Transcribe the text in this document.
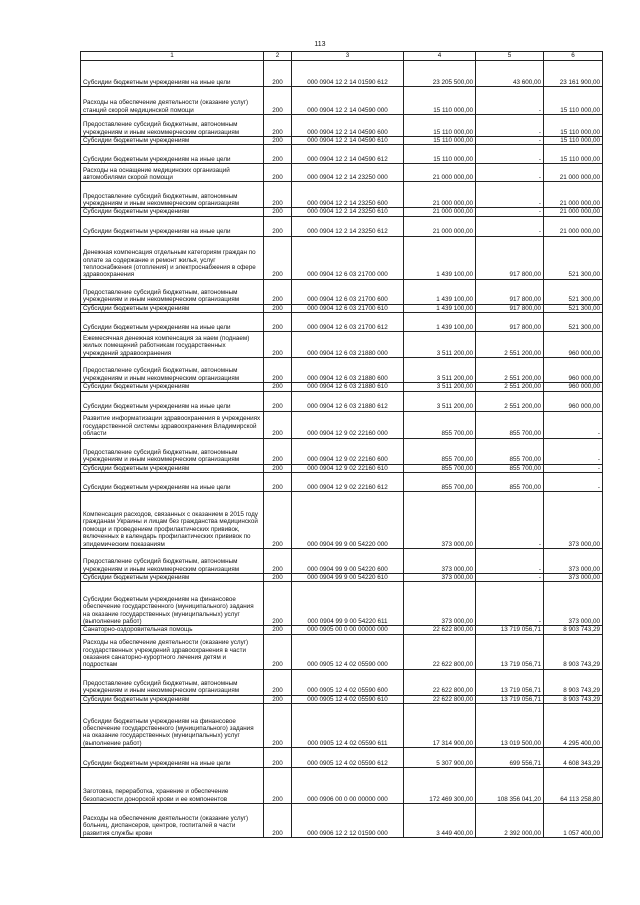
113
1	2	3	4	5	6
Субсидии бюджетным учреждениям на иные цели	200	000 0904 12 2 14 01590 612	23 205 500,00	43 600,00	23 161 900,00
Расходы на обеспечение деятельности (оказание услуг) станций скорой медицинской помощи	200	000 0904 12 2 14 04590 000	15 110 000,00	-	15 110 000,00
Предоставление субсидий бюджетным, автономным учреждениям и иным некоммерческим организациям	200	000 0904 12 2 14 04590 600	15 110 000,00	-	15 110 000,00
Субсидии бюджетным учреждениям	200	000 0904 12 2 14 04590 610	15 110 000,00	-	15 110 000,00
Субсидии бюджетным учреждениям на иные цели	200	000 0904 12 2 14 04590 612	15 110 000,00	-	15 110 000,00
Расходы на оснащение медицинских организаций автомобилями скорой помощи	200	000 0904 12 2 14 23250 000	21 000 000,00	-	21 000 000,00
Предоставление субсидий бюджетным, автономным учреждениям и иным некоммерческим организациям	200	000 0904 12 2 14 23250 600	21 000 000,00	-	21 000 000,00
Субсидии бюджетным учреждениям	200	000 0904 12 2 14 23250 610	21 000 000,00	-	21 000 000,00
Субсидии бюджетным учреждениям на иные цели	200	000 0904 12 2 14 23250 612	21 000 000,00	-	21 000 000,00
Денежная компенсация отдельным категориям граждан по оплате за содержание и ремонт жилья, услуг теплоснабжения (отопления) и электроснабжения в сфере здравоохранения	200	000 0904 12 6 03 21700 000	1 439 100,00	917 800,00	521 300,00
Предоставление субсидий бюджетным, автономным учреждениям и иным некоммерческим организациям	200	000 0904 12 6 03 21700 600	1 439 100,00	917 800,00	521 300,00
Субсидии бюджетным учреждениям	200	000 0904 12 6 03 21700 610	1 439 100,00	917 800,00	521 300,00
Субсидии бюджетным учреждениям на иные цели	200	000 0904 12 6 03 21700 612	1 439 100,00	917 800,00	521 300,00
Ежемесячная денежная компенсация за наем (поднаем) жилых помещений работникам государственных учреждений здравоохранения	200	000 0904 12 6 03 21880 000	3 511 200,00	2 551 200,00	960 000,00
Предоставление субсидий бюджетным, автономным учреждениям и иным некоммерческим организациям	200	000 0904 12 6 03 21880 600	3 511 200,00	2 551 200,00	960 000,00
Субсидии бюджетным учреждениям	200	000 0904 12 6 03 21880 610	3 511 200,00	2 551 200,00	960 000,00
Субсидии бюджетным учреждениям на иные цели	200	000 0904 12 6 03 21880 612	3 511 200,00	2 551 200,00	960 000,00
Развитие информатизации здравоохранения в учреждениях государственной системы здравоохранения Владимирской области	200	000 0904 12 9 02 22160 000	855 700,00	855 700,00	-
Предоставление субсидий бюджетным, автономным учреждениям и иным некоммерческим организациям	200	000 0904 12 9 02 22160 600	855 700,00	855 700,00	-
Субсидии бюджетным учреждениям	200	000 0904 12 9 02 22160 610	855 700,00	855 700,00	-
Субсидии бюджетным учреждениям на иные цели	200	000 0904 12 9 02 22160 612	855 700,00	855 700,00	-
Компенсация расходов, связанных с оказанием в 2015 году гражданам Украины и лицам без гражданства медицинской помощи и проведением профилактических прививок, включенных в календарь профилактических прививок по эпидемическим показаниям	200	000 0904 99 9 00 54220 000	373 000,00	-	373 000,00
Предоставление субсидий бюджетным, автономным учреждениям и иным некоммерческим организациям	200	000 0904 99 9 00 54220 600	373 000,00	-	373 000,00
Субсидии бюджетным учреждениям	200	000 0904 99 9 00 54220 610	373 000,00	-	373 000,00
Субсидии бюджетным учреждениям на финансовое обеспечение государственного (муниципального) задания на оказание государственных (муниципальных) услуг (выполнение работ)	200	000 0904 99 9 00 54220 611	373 000,00	-	373 000,00
Санаторно-оздоровительная помощь	200	000 0905 00 0 00 00000 000	22 622 800,00	13 719 056,71	8 903 743,29
Расходы на обеспечение деятельности (оказание услуг) государственных учреждений здравоохранения в части оказания санаторно-курортного лечения детям и подросткам	200	000 0905 12 4 02 05590 000	22 622 800,00	13 719 056,71	8 903 743,29
Предоставление субсидий бюджетным, автономным учреждениям и иным некоммерческим организациям	200	000 0905 12 4 02 05590 600	22 622 800,00	13 719 056,71	8 903 743,29
Субсидии бюджетным учреждениям	200	000 0905 12 4 02 05590 610	22 622 800,00	13 719 056,71	8 903 743,29
Субсидии бюджетным учреждениям на финансовое обеспечение государственного (муниципального) задания на оказание государственных (муниципальных) услуг (выполнение работ)	200	000 0905 12 4 02 05590 611	17 314 900,00	13 019 500,00	4 295 400,00
Субсидии бюджетным учреждениям на иные цели	200	000 0905 12 4 02 05590 612	5 307 900,00	699 556,71	4 608 343,29
Заготовка, переработка, хранение и обеспечение безопасности донорской крови и ее компонентов	200	000 0906 00 0 00 00000 000	172 469 300,00	108 356 041,20	64 113 258,80
Расходы на обеспечение деятельности (оказание услуг) больниц, диспансеров, центров, госпиталей в части развития службы крови	200	000 0906 12 2 12 01590 000	3 449 400,00	2 392 000,00	1 057 400,00
